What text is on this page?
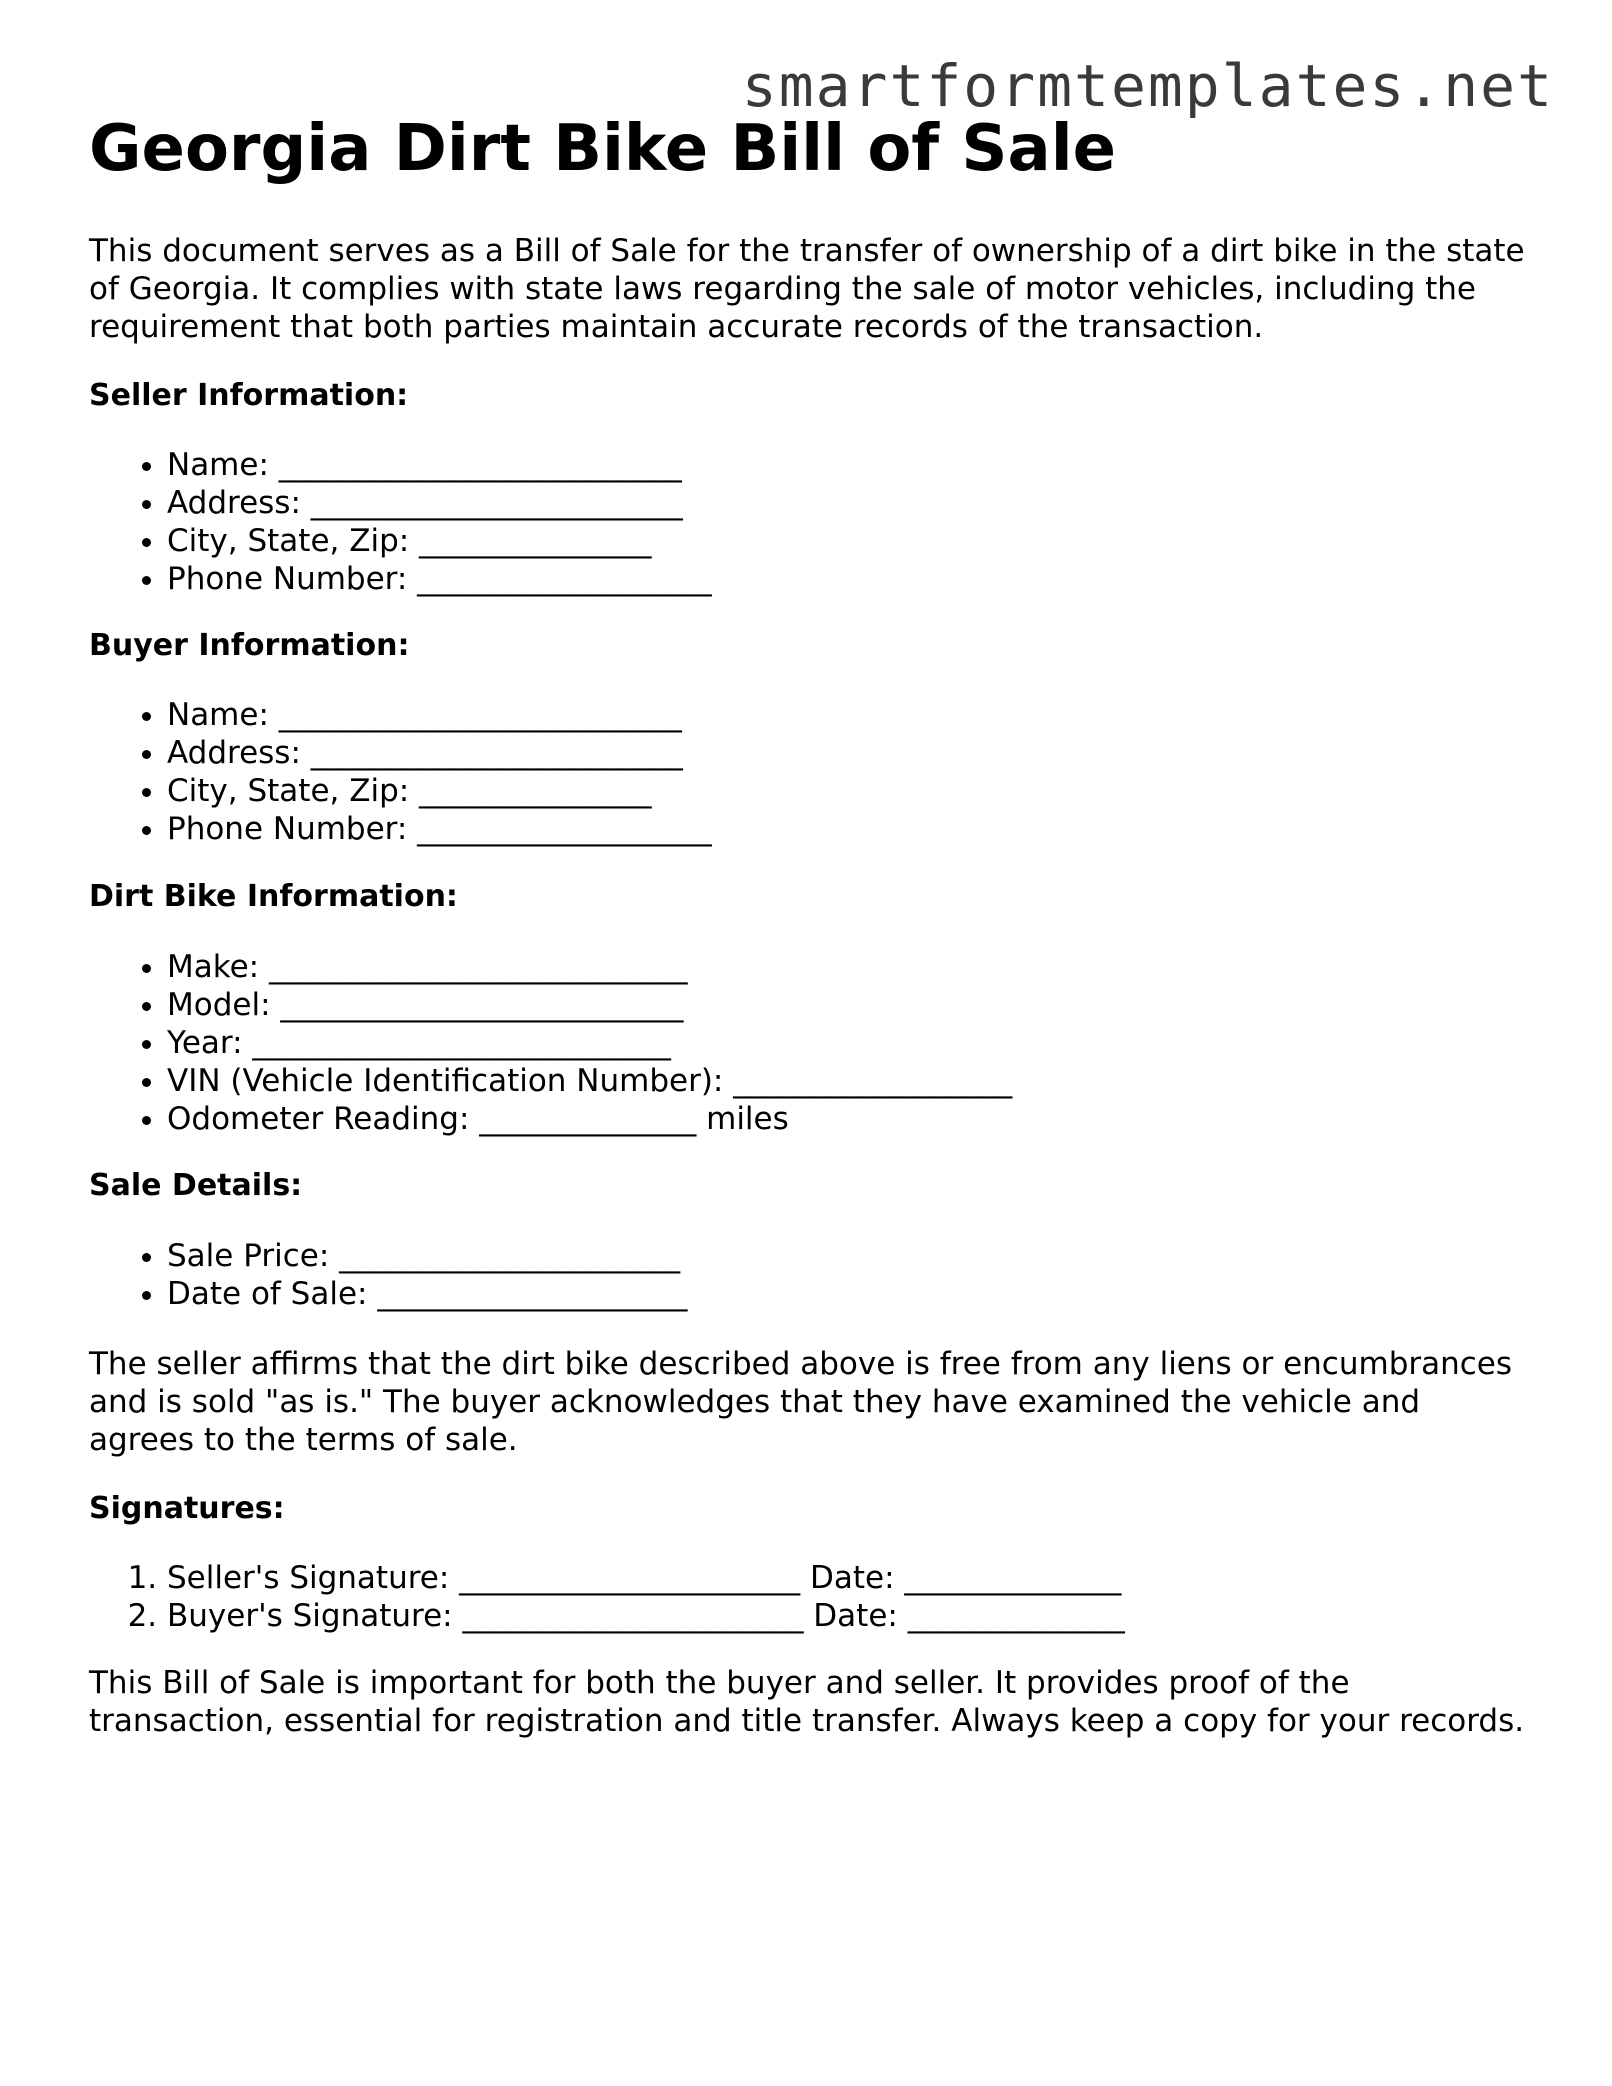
smartformtemplates.net
Georgia Dirt Bike Bill of Sale

This document serves as a Bill of Sale for the transfer of ownership of a dirt bike in the state of Georgia. It complies with state laws regarding the sale of motor vehicles, including the requirement that both parties maintain accurate records of the transaction.

Seller Information:
• Name: __________________________
• Address: ________________________
• City, State, Zip: _______________
• Phone Number: ___________________
Buyer Information:
• Name: __________________________
• Address: ________________________
• City, State, Zip: _______________
• Phone Number: ___________________
Dirt Bike Information:
• Make: ___________________________
• Model: __________________________
• Year: ___________________________
• VIN (Vehicle Identification Number): __________________
• Odometer Reading: ______________ miles
Sale Details:
• Sale Price: ______________________
• Date of Sale: ____________________

The seller affirms that the dirt bike described above is free from any liens or encumbrances and is sold "as is." The buyer acknowledges that they have examined the vehicle and agrees to the terms of sale.

Signatures:
1. Seller's Signature: ______________________ Date: ______________
2. Buyer's Signature: ______________________ Date: ______________

This Bill of Sale is important for both the buyer and seller. It provides proof of the transaction, essential for registration and title transfer. Always keep a copy for your records.
